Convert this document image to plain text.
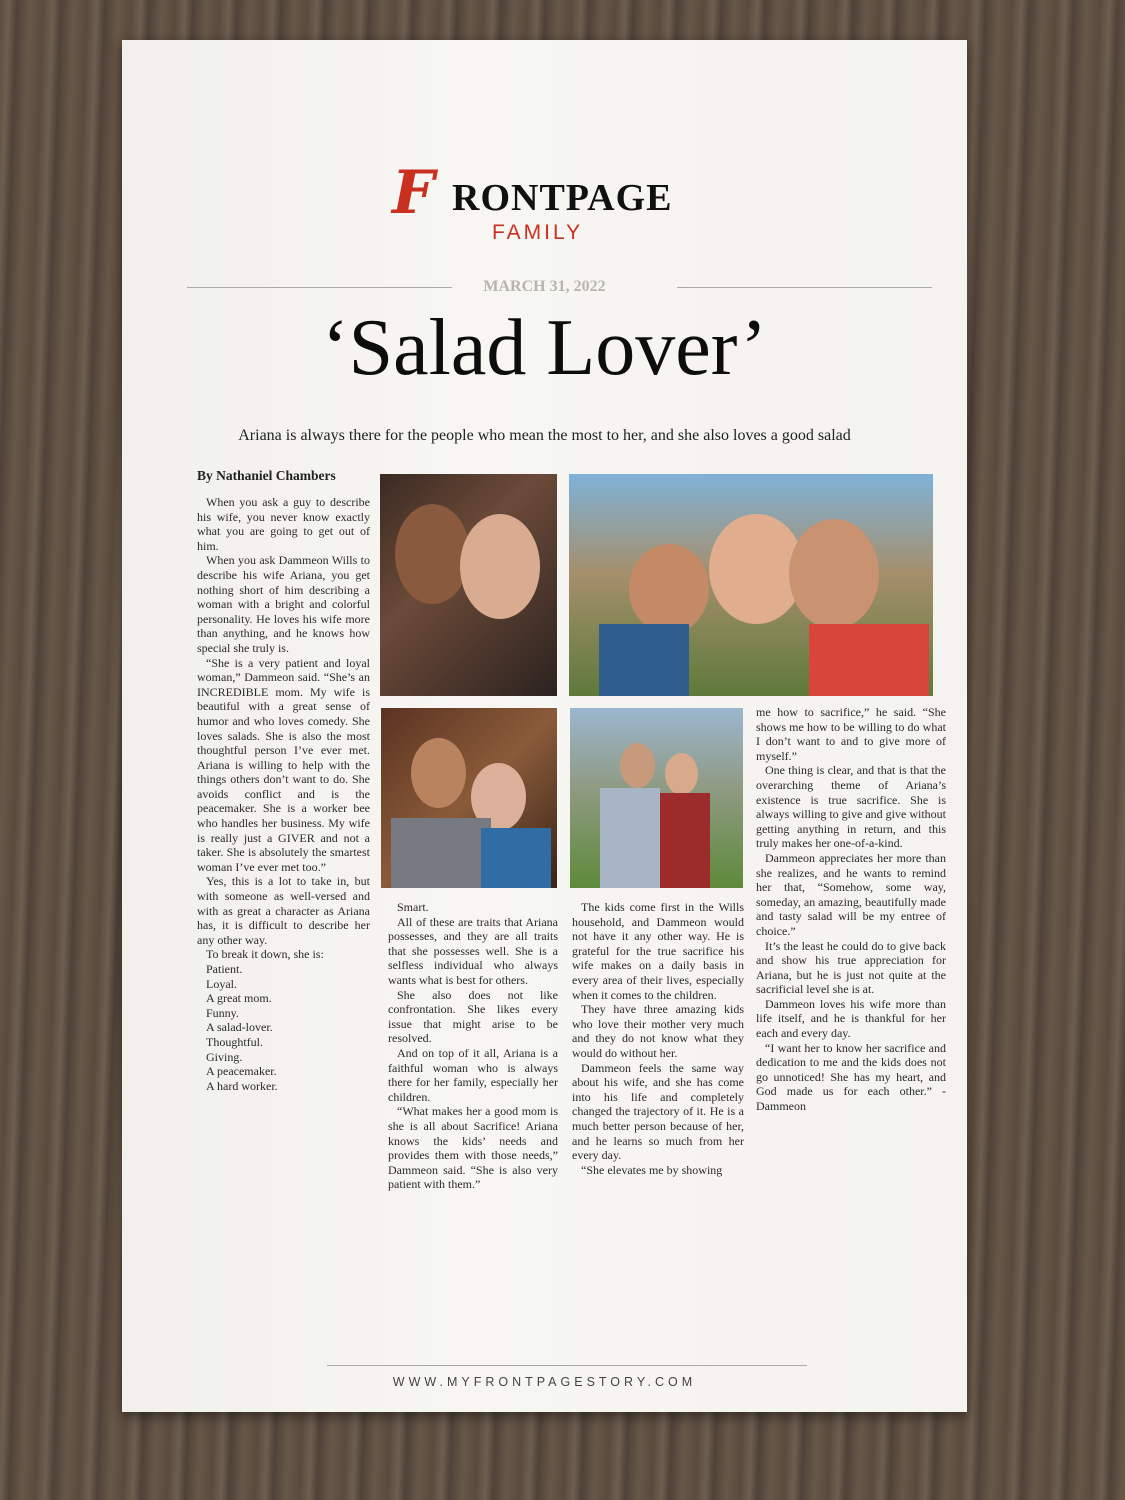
F RONTPAGE
FAMILY
MARCH 31, 2022
‘Salad Lover’
Ariana is always there for the people who mean the most to her, and she also loves a good salad
By Nathaniel Chambers

When you ask a guy to describe his wife, you never know exactly what you are going to get out of him.

When you ask Dammeon Wills to describe his wife Ariana, you get nothing short of him describing a woman with a bright and colorful personality. He loves his wife more than anything, and he knows how special she truly is.

“She is a very patient and loyal woman,” Dammeon said. “She’s an INCREDIBLE mom. My wife is beautiful with a great sense of humor and who loves comedy. She loves salads. She is also the most thoughtful person I’ve ever met. Ariana is willing to help with the things others don’t want to do. She avoids conflict and is the peacemaker. She is a worker bee who handles her business. My wife is really just a GIVER and not a taker. She is absolutely the smartest woman I’ve ever met too.”

Yes, this is a lot to take in, but with someone as well-versed and with as great a character as Ariana has, it is difficult to describe her any other way.

To break it down, she is:

Patient.

Loyal.

A great mom.

Funny.

A salad-lover.

Thoughtful.

Giving.

A peacemaker.

A hard worker.

Smart.

All of these are traits that Ariana possesses, and they are all traits that she possesses well. She is a selfless individual who always wants what is best for others.

She also does not like confrontation. She likes every issue that might arise to be resolved.

And on top of it all, Ariana is a faithful woman who is always there for her family, especially her children.

“What makes her a good mom is she is all about Sacrifice! Ariana knows the kids’ needs and provides them with those needs,” Dammeon said. “She is also very patient with them.”

The kids come first in the Wills household, and Dammeon would not have it any other way. He is grateful for the true sacrifice his wife makes on a daily basis in every area of their lives, especially when it comes to the children.

They have three amazing kids who love their mother very much and they do not know what they would do without her.

Dammeon feels the same way about his wife, and she has come into his life and completely changed the trajectory of it. He is a much better person because of her, and he learns so much from her every day.

“She elevates me by showing

me how to sacrifice,” he said. “She shows me how to be willing to do what I don’t want to and to give more of myself.”

One thing is clear, and that is that the overarching theme of Ariana’s existence is true sacrifice. She is always willing to give and give without getting anything in return, and this truly makes her one-of-a-kind.

Dammeon appreciates her more than she realizes, and he wants to remind her that, “Somehow, some way, someday, an amazing, beautifully made and tasty salad will be my entree of choice.”

It’s the least he could do to give back and show his true appreciation for Ariana, but he is just not quite at the sacrificial level she is at.

Dammeon loves his wife more than life itself, and he is thankful for her each and every day.

“I want her to know her sacrifice and dedication to me and the kids does not go unnoticed! She has my heart, and God made us for each other.” - Dammeon

WWW.MYFRONTPAGESTORY.COM
